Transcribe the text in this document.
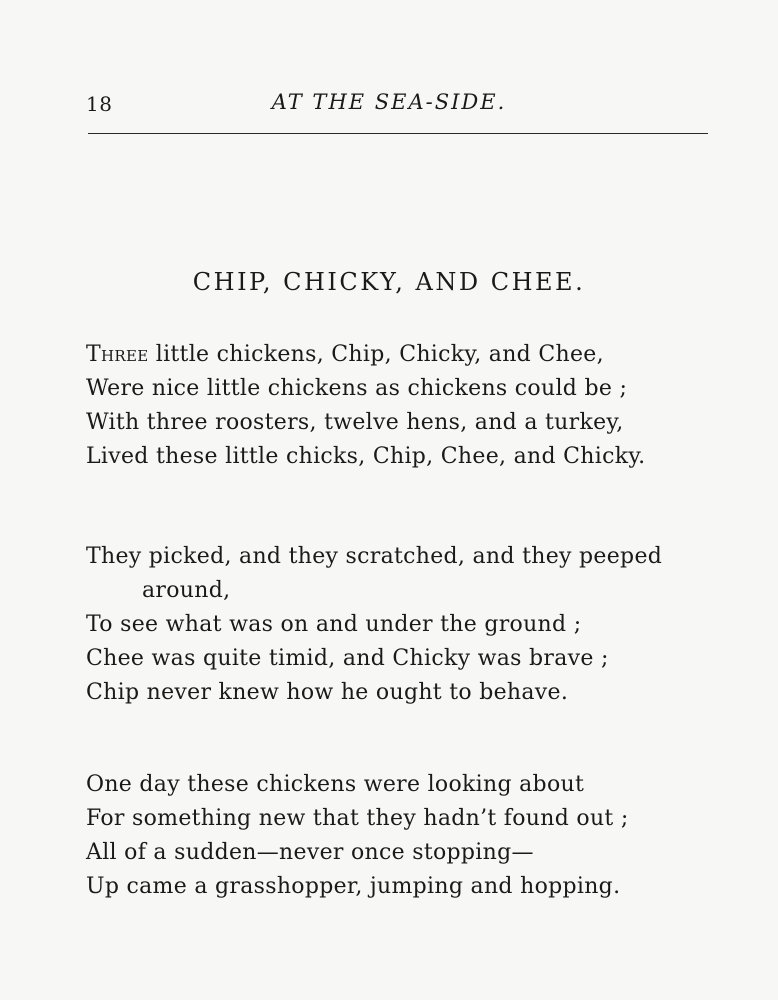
18	AT THE SEA-SIDE.
CHIP, CHICKY, AND CHEE.
Three little chickens, Chip, Chicky, and Chee,
Were nice little chickens as chickens could be ;
With three roosters, twelve hens, and a turkey,
Lived these little chicks, Chip, Chee, and Chicky.
They picked, and they scratched, and they peeped
around,
To see what was on and under the ground ;
Chee was quite timid, and Chicky was brave ;
Chip never knew how he ought to behave.
One day these chickens were looking about
For something new that they hadn’t found out ;
All of a sudden—never once stopping—
Up came a grasshopper, jumping and hopping.
